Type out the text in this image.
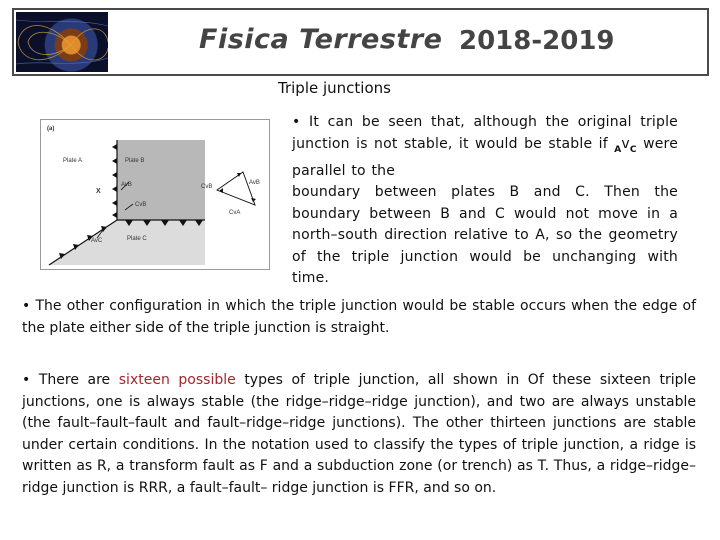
Fisica Terrestre 2018-2019
Triple junctions
(a)
Plate A	Plate B
Plate C
X
AvB
CvB
AvC
CvB
AvB
CvA
• It can be seen that, although the original triple
junction is not stable, it would be stable if $_Av_C$ were
parallel to the
boundary between plates B and C. Then the
boundary between B and C would not move in a
north–south direction relative to A, so the geometry
of the triple junction would be unchanging with time.
• The other configuration in which the triple junction would be stable occurs when the edge of the plate either side of the triple junction is straight.
• There are sixteen possible types of triple junction, all shown in Of these sixteen triple junctions, one is always stable (the ridge–ridge–ridge junction), and two are always unstable (the fault–fault–fault and fault–ridge–ridge junctions). The other thirteen junctions are stable under certain conditions. In the notation used to classify the types of triple junction, a ridge is written as R, a transform fault as F and a subduction zone (or trench) as T. Thus, a ridge–ridge–ridge junction is RRR, a fault–fault– ridge junction is FFR, and so on.
